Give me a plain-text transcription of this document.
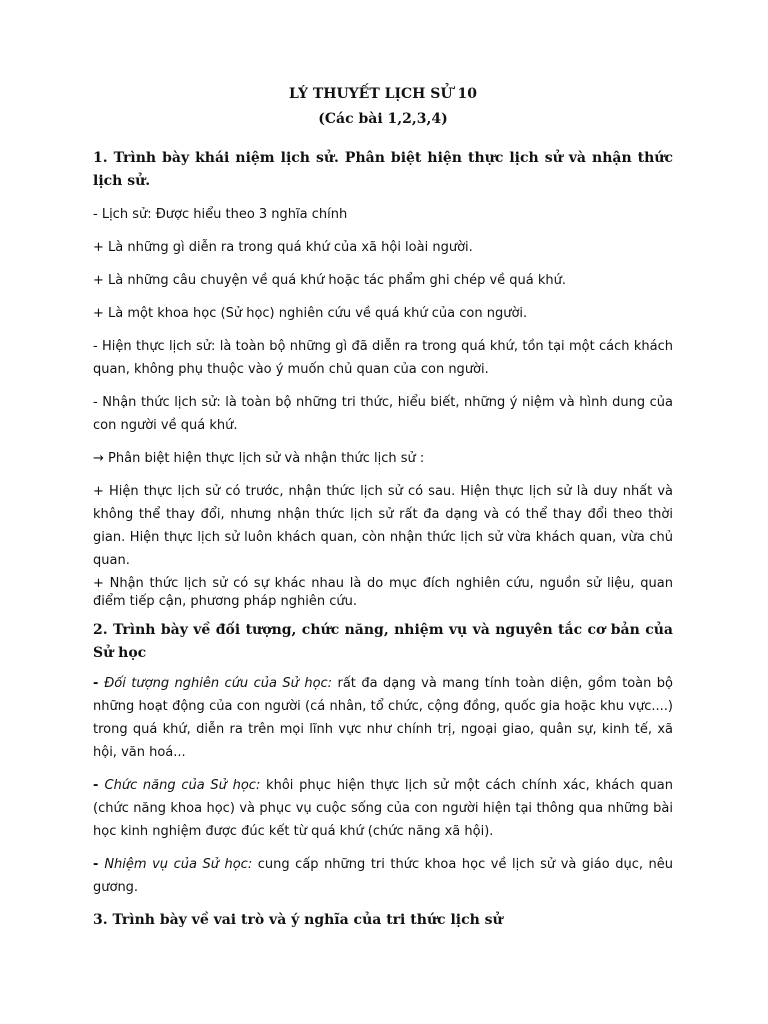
LÝ THUYẾT LỊCH SỬ 10

(Các bài 1,2,3,4)

1. Trình bày khái niệm lịch sử. Phân biệt hiện thực lịch sử và nhận thức lịch sử.

- Lịch sử: Được hiểu theo 3 nghĩa chính

+ Là những gì diễn ra trong quá khứ của xã hội loài người.

+ Là những câu chuyện về quá khứ hoặc tác phẩm ghi chép về quá khứ.

+ Là một khoa học (Sử học) nghiên cứu về quá khứ của con người.

- Hiện thực lịch sử: là toàn bộ những gì đã diễn ra trong quá khứ, tồn tại một cách khách quan, không phụ thuộc vào ý muốn chủ quan của con người.

- Nhận thức lịch sử: là toàn bộ những tri thức, hiểu biết, những ý niệm và hình dung của con người về quá khứ.

→ Phân biệt hiện thực lịch sử và nhận thức lịch sử :

+ Hiện thực lịch sử có trước, nhận thức lịch sử có sau. Hiện thực lịch sử là duy nhất và không thể thay đổi, nhưng nhận thức lịch sử rất đa dạng và có thể thay đổi theo thời gian. Hiện thực lịch sử luôn khách quan, còn nhận thức lịch sử vừa khách quan, vừa chủ quan.

+ Nhận thức lịch sử có sự khác nhau là do mục đích nghiên cứu, nguồn sử liệu, quan điểm tiếp cận, phương pháp nghiên cứu.

2. Trình bày về đối tượng, chức năng, nhiệm vụ và nguyên tắc cơ bản của Sử học

- Đối tượng nghiên cứu của Sử học: rất đa dạng và mang tính toàn diện, gồm toàn bộ những hoạt động của con người (cá nhân, tổ chức, cộng đồng, quốc gia hoặc khu vực....) trong quá khứ, diễn ra trên mọi lĩnh vực như chính trị, ngoại giao, quân sự, kinh tế, xã hội, văn hoá...

- Chức năng của Sử học: khôi phục hiện thực lịch sử một cách chính xác, khách quan (chức năng khoa học) và phục vụ cuộc sống của con người hiện tại thông qua những bài học kinh nghiệm được đúc kết từ quá khứ (chức năng xã hội).

- Nhiệm vụ của Sử học: cung cấp những tri thức khoa học về lịch sử và giáo dục, nêu gương.

3. Trình bày về vai trò và ý nghĩa của tri thức lịch sử
